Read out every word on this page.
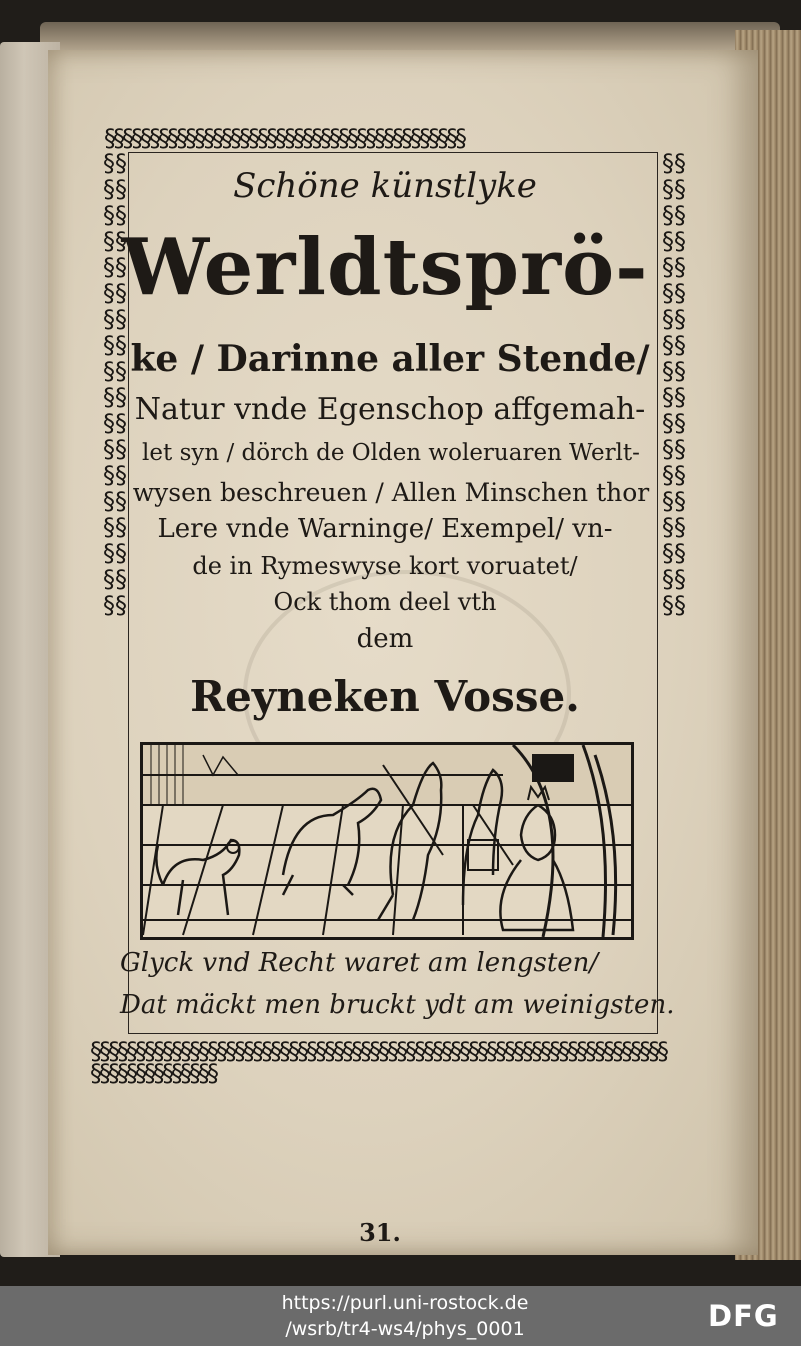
§§§§§§§§§§§§§§§§§§§§§§§§§§§§§§§§§§§§§§§§
§§§§§§§§§§§§§§§§§§§§§§§§§§§§§§§§§§§§§§§§§§§§§§§§§§§§§§§§§§§§§§§§§§§§§§§§§§§§§§
§§§§§§§§§§§§§§§§§§§§§§§§§§§§§§§§§§§§
§§§§§§§§§§§§§§§§§§§§§§§§§§§§§§§§§§§§
Schöne künstlyke
Werldtsprö-
ke / Darinne aller Stende/
Natur vnde Egenschop affgemah-
let syn / dörch de Olden woleruaren Werlt-
wysen beschreuen / Allen Minschen thor
Lere vnde Warninge/ Exempel/ vn-
de in Rymeswyse kort voruatet/
Ock thom deel vth
dem
Reyneken Vosse.
Glyck vnd Recht waret am lengsten/
Dat mäckt men bruckt ydt am weinigsten.
31.
https://purl.uni-rostock.de
/wsrb/tr4-ws4/phys_0001	DFG
